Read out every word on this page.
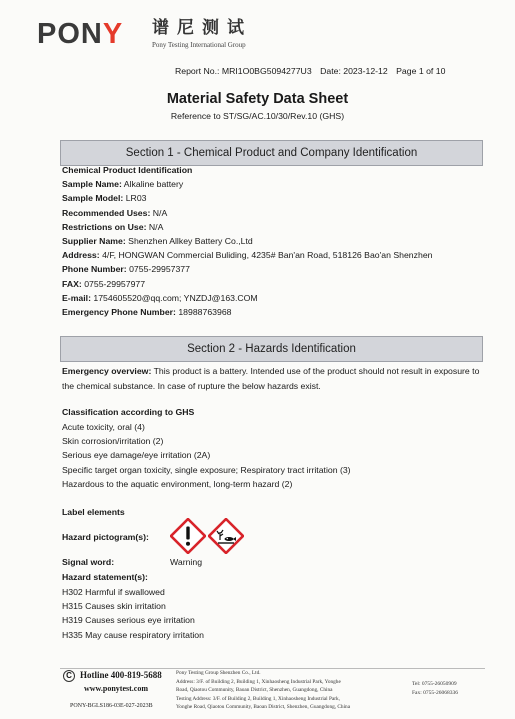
PONY 谱尼测试
Pony Testing International Group
Report No.: MRI1O0BG5094277U3 Date: 2023-12-12 Page 1 of 10
Material Safety Data Sheet
Reference to ST/SG/AC.10/30/Rev.10 (GHS)
Section 1 - Chemical Product and Company Identification
Chemical Product Identification
Sample Name: Alkaline battery
Sample Model: LR03
Recommended Uses: N/A
Restrictions on Use: N/A
Supplier Name: Shenzhen Allkey Battery Co.,Ltd
Address: 4/F, HONGWAN Commercial Buliding, 4235# Ban'an Road, 518126 Bao'an Shenzhen
Phone Number: 0755-29957377
FAX: 0755-29957977
E-mail: 1754605520@qq.com; YNZDJ@163.COM
Emergency Phone Number: 18988763968
Section 2 - Hazards Identification
Emergency overview: This product is a battery. Intended use of the product should not result in exposure to the chemical substance. In case of rupture the below hazards exist.
Classification according to GHS
Acute toxicity, oral (4)
Skin corrosion/irritation (2)
Serious eye damage/eye irritation (2A)
Specific target organ toxicity, single exposure; Respiratory tract irritation (3)
Hazardous to the aquatic environment, long-term hazard (2)
Label elements
Hazard pictogram(s):
Signal word:	Warning
Hazard statement(s):
H302 Harmful if swallowed
H315 Causes skin irritation
H319 Causes serious eye irritation
H335 May cause respiratory irritation
C Hotline 400-819-5688
www.ponytest.com
PONY-BGLS186-03E-027-2023B
Pony Testing Group Shenzhen Co., Ltd.
Address: 3/F. of Building 2, Building 1, Xinhaosheng Industrial Park, Yonghe
Road, Qiaotou Community, Baoan District, Shenzhen, Guangdong, China
Testing Address: 3/F. of Building 2, Building 1, Xinhaosheng Industrial Park,
Yonghe Road, Qiaotou Community, Baoan District, Shenzhen, Guangdong, China
Tel: 0755-26050909
Fax: 0755-26068336
